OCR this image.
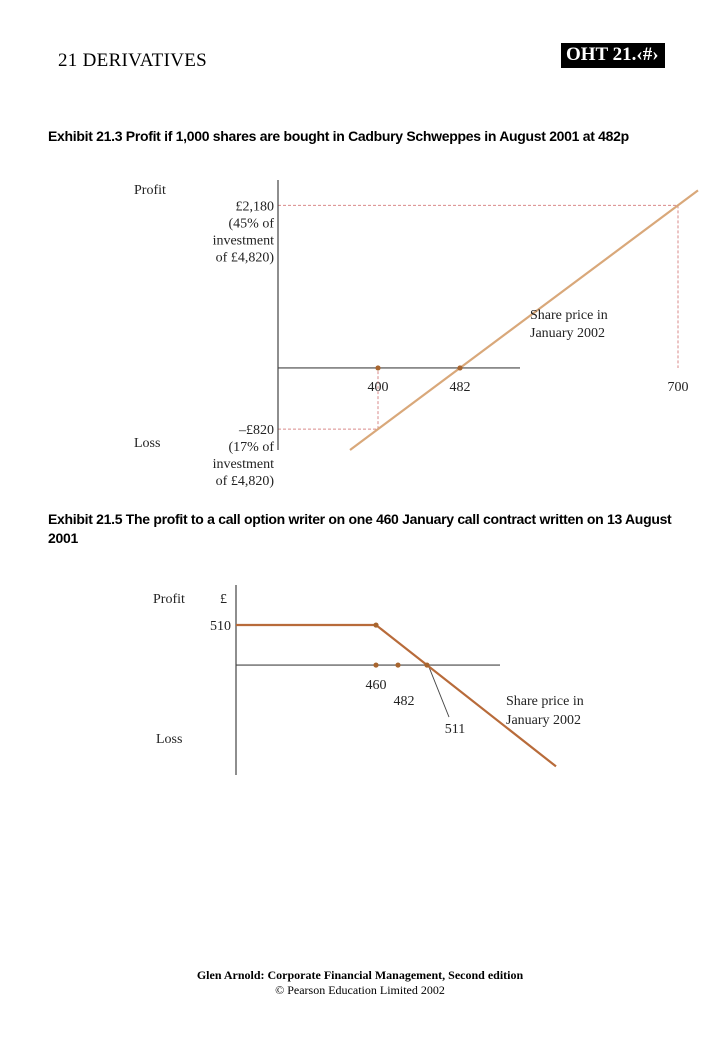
21 DERIVATIVES	OHT 21.‹#›
Exhibit 21.3 Profit if 1,000 shares are bought in Cadbury Schweppes in August 2001 at 482p
Profit
Loss
Share price in
January 2002
400	482	700
£2,180
(45% of
investment
of £4,820)
–£820
(17% of
investment
of £4,820)
Exhibit 21.5 The profit to a call option writer on one 460 January call contract written on 13 August 2001
Profit	£
Loss
Share price in
January 2002
510
460
482
511
Glen Arnold: Corporate Financial Management, Second edition
© Pearson Education Limited 2002
